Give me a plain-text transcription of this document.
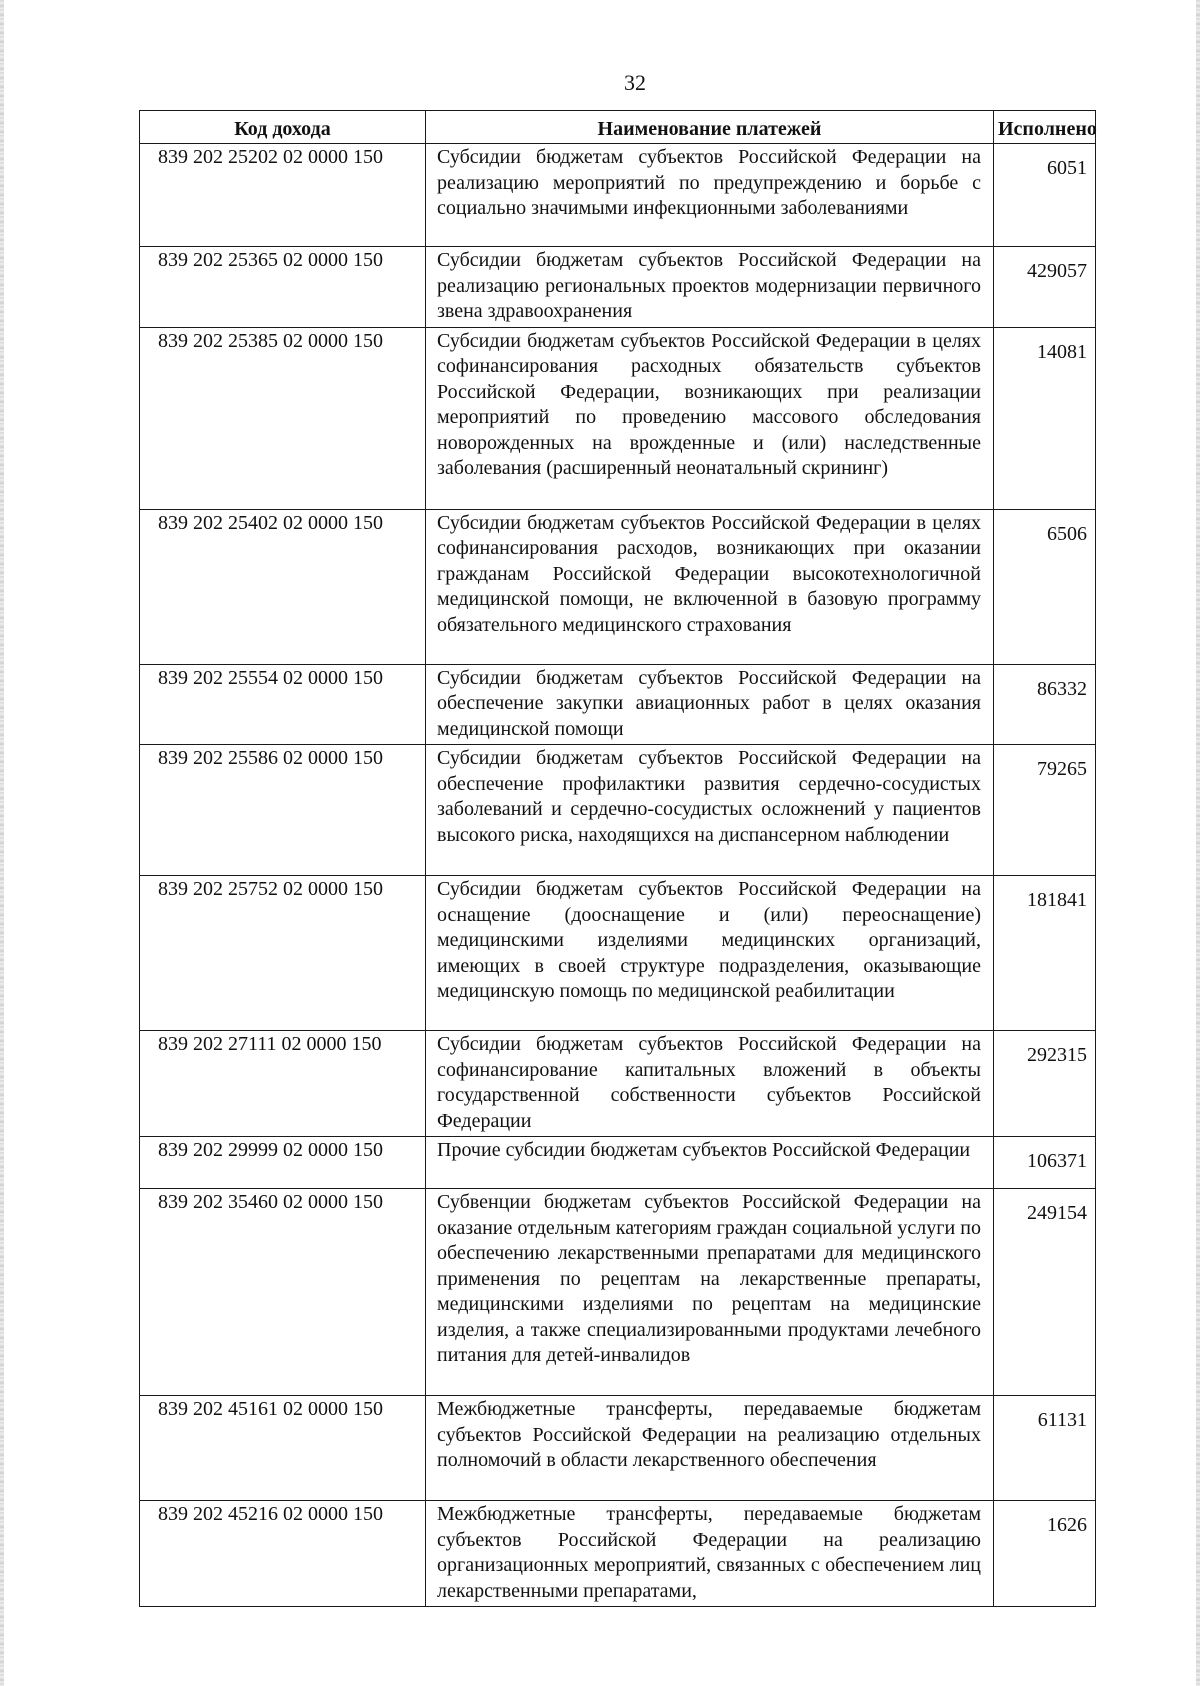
32
Код дохода	Наименование платежей	Исполнено
839 202 25202 02 0000 150	Субсидии бюджетам субъектов Российской Федерации на реализацию мероприятий по предупреждению и борьбе с социально значимыми инфекционными заболеваниями	6051
839 202 25365 02 0000 150	Субсидии бюджетам субъектов Российской Федерации на реализацию региональных проектов модернизации первичного звена здравоохранения	429057
839 202 25385 02 0000 150	Субсидии бюджетам субъектов Российской Федерации в целях софинансирования расходных обязательств субъектов Российской Федерации, возникающих при реализации мероприятий по проведению массового обследования новорожденных на врожденные и (или) наследственные заболевания (расширенный неонатальный скрининг)	14081
839 202 25402 02 0000 150	Субсидии бюджетам субъектов Российской Федерации в целях софинансирования расходов, возникающих при оказании гражданам Российской Федерации высокотехнологичной медицинской помощи, не включенной в базовую программу обязательного медицинского страхования	6506
839 202 25554 02 0000 150	Субсидии бюджетам субъектов Российской Федерации на обеспечение закупки авиационных работ в целях оказания медицинской помощи	86332
839 202 25586 02 0000 150	Субсидии бюджетам субъектов Российской Федерации на обеспечение профилактики развития сердечно-сосудистых заболеваний и сердечно-сосудистых осложнений у пациентов высокого риска, находящихся на диспансерном наблюдении	79265
839 202 25752 02 0000 150	Субсидии бюджетам субъектов Российской Федерации на оснащение (дооснащение и (или) переоснащение) медицинскими изделиями медицинских организаций, имеющих в своей структуре подразделения, оказывающие медицинскую помощь по медицинской реабилитации	181841
839 202 27111 02 0000 150	Субсидии бюджетам субъектов Российской Федерации на софинансирование капитальных вложений в объекты государственной собственности субъектов Российской Федерации	292315
839 202 29999 02 0000 150	Прочие субсидии бюджетам субъектов Российской Федерации	106371
839 202 35460 02 0000 150	Субвенции бюджетам субъектов Российской Федерации на оказание отдельным категориям граждан социальной услуги по обеспечению лекарственными препаратами для медицинского применения по рецептам на лекарственные препараты, медицинскими изделиями по рецептам на медицинские изделия, а также специализированными продуктами лечебного питания для детей-инвалидов	249154
839 202 45161 02 0000 150	Межбюджетные трансферты, передаваемые бюджетам субъектов Российской Федерации на реализацию отдельных полномочий в области лекарственного обеспечения	61131
839 202 45216 02 0000 150	Межбюджетные трансферты, передаваемые бюджетам субъектов Российской Федерации на реализацию организационных мероприятий, связанных с обеспечением лиц лекарственными препаратами,	1626
